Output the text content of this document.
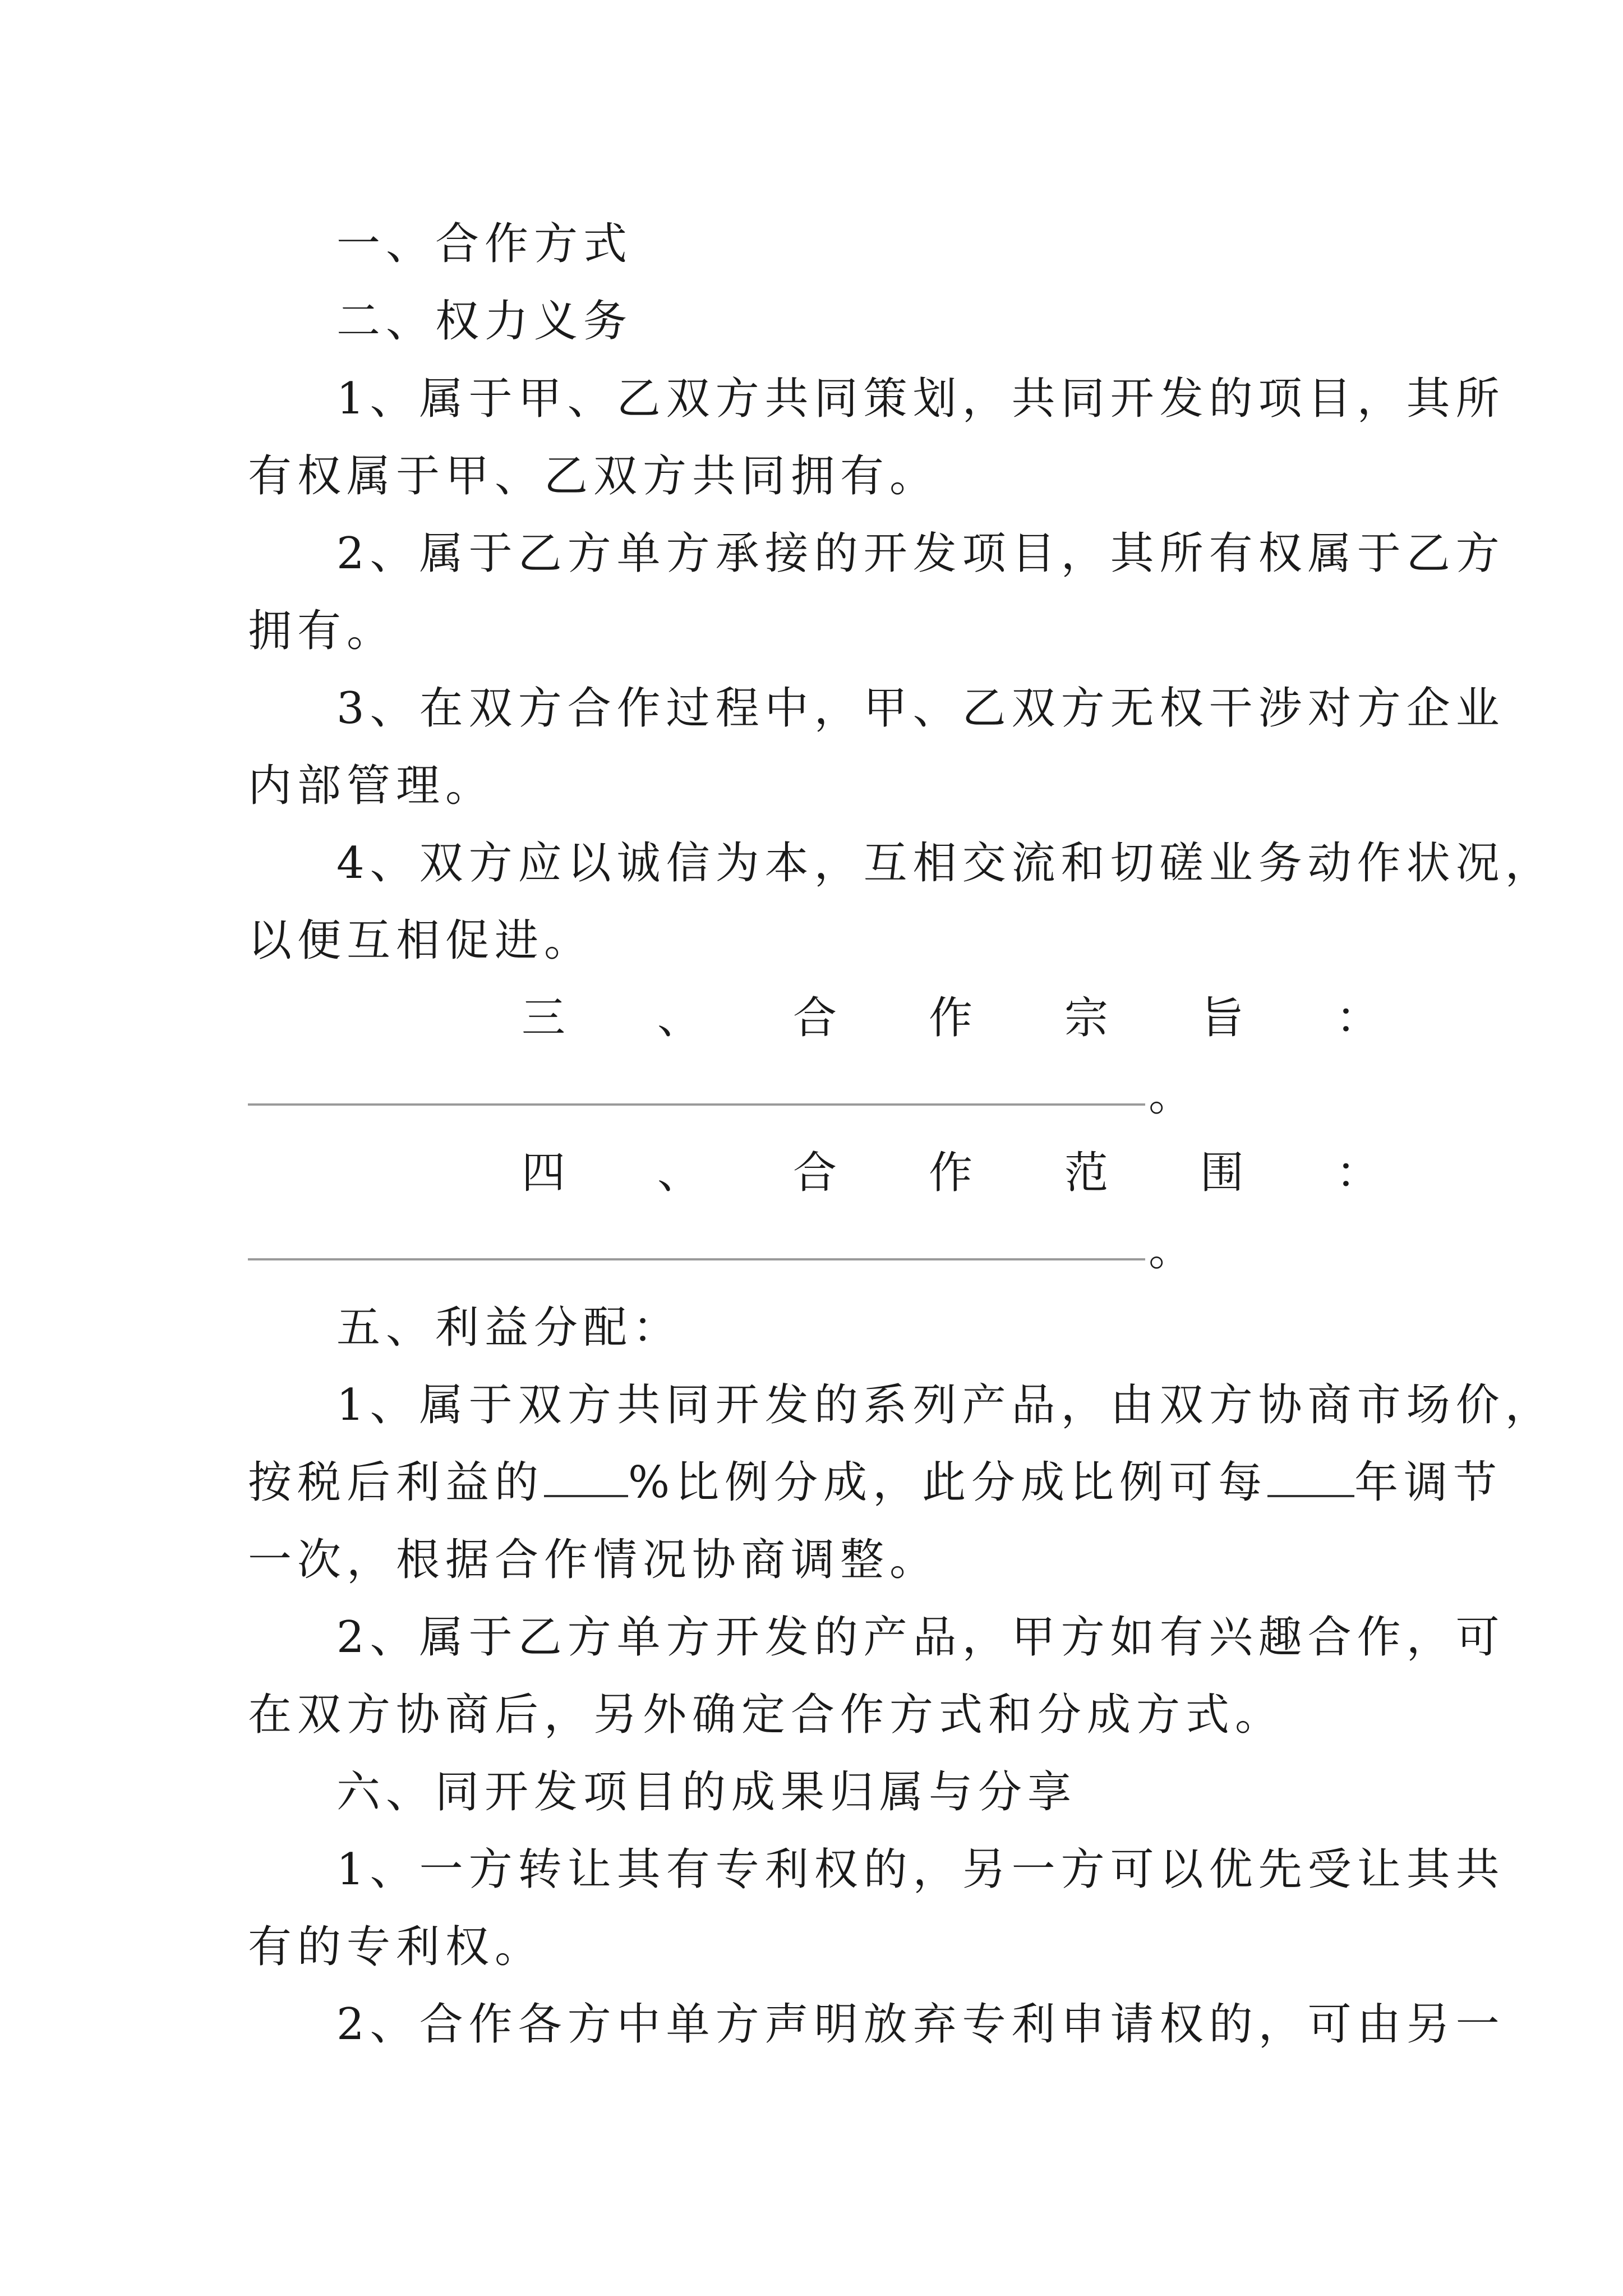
一、合作方式

二、权力义务

1、属于甲、乙双方共同策划，共同开发的项目，其所

有权属于甲、乙双方共同拥有。

2、属于乙方单方承接的开发项目，其所有权属于乙方

拥有。

3、在双方合作过程中，甲、乙双方无权干涉对方企业

内部管理。

4、双方应以诚信为本，互相交流和切磋业务动作状况，

以便互相促进。

三 、 合 作 宗 旨 ：
。
四 、 合 作 范 围 ：
。

五、利益分配：

1、属于双方共同开发的系列产品，由双方协商市场价，

按税后利益的 %比例分成，此分成比例可每 年调节

一次，根据合作情况协商调整。

2、属于乙方单方开发的产品，甲方如有兴趣合作，可

在双方协商后，另外确定合作方式和分成方式。

六、同开发项目的成果归属与分享

1、一方转让其有专利权的，另一方可以优先受让其共

有的专利权。

2、合作各方中单方声明放弃专利申请权的，可由另一
